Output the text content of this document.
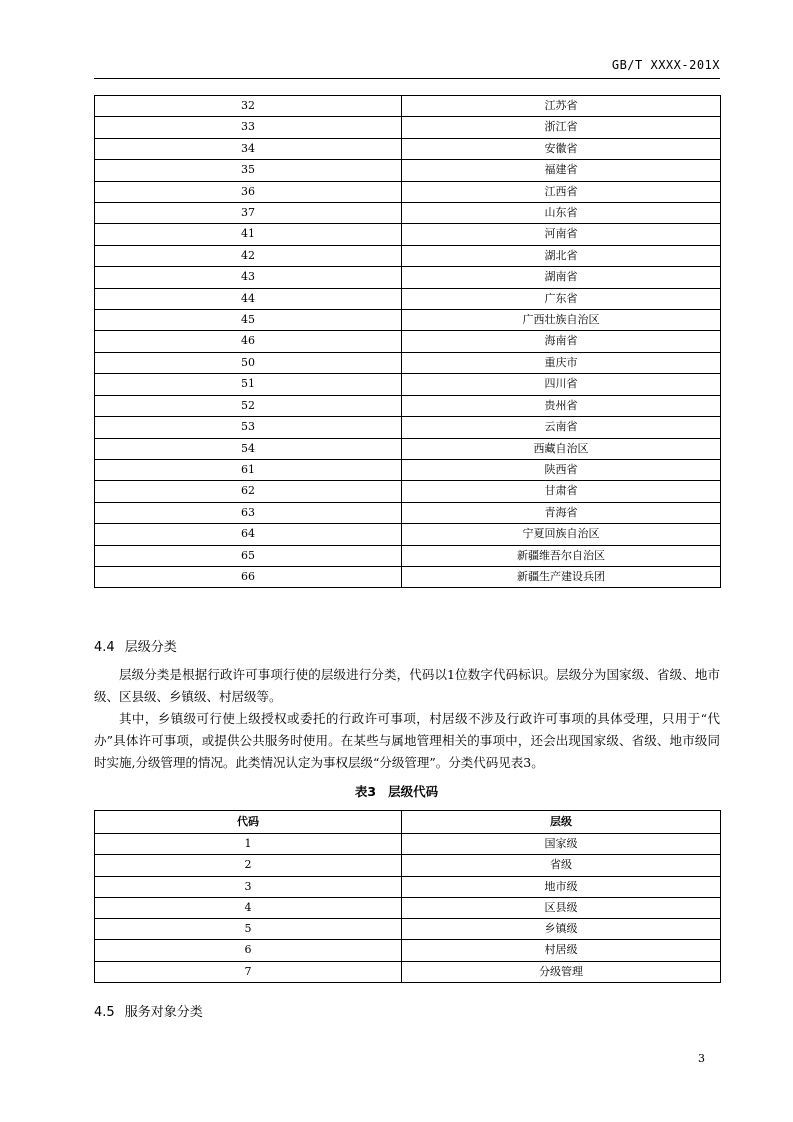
GB/T XXXX-201X
32	江苏省
33	浙江省
34	安徽省
35	福建省
36	江西省
37	山东省
41	河南省
42	湖北省
43	湖南省
44	广东省
45	广西壮族自治区
46	海南省
50	重庆市
51	四川省
52	贵州省
53	云南省
54	西藏自治区
61	陕西省
62	甘肃省
63	青海省
64	宁夏回族自治区
65	新疆维吾尔自治区
66	新疆生产建设兵团
4.4 层级分类
层级分类是根据行政许可事项行使的层级进行分类，代码以1位数字代码标识。层级分为国家级、省级、地市级、区县级、乡镇级、村居级等。
其中，乡镇级可行使上级授权或委托的行政许可事项，村居级不涉及行政许可事项的具体受理，只用于“代办”具体许可事项，或提供公共服务时使用。在某些与属地管理相关的事项中，还会出现国家级、省级、地市级同时实施,分级管理的情况。此类情况认定为事权层级“分级管理”。分类代码见表3。
表3 层级代码
代码	层级
1	国家级
2	省级
3	地市级
4	区县级
5	乡镇级
6	村居级
7	分级管理
4.5 服务对象分类
3
